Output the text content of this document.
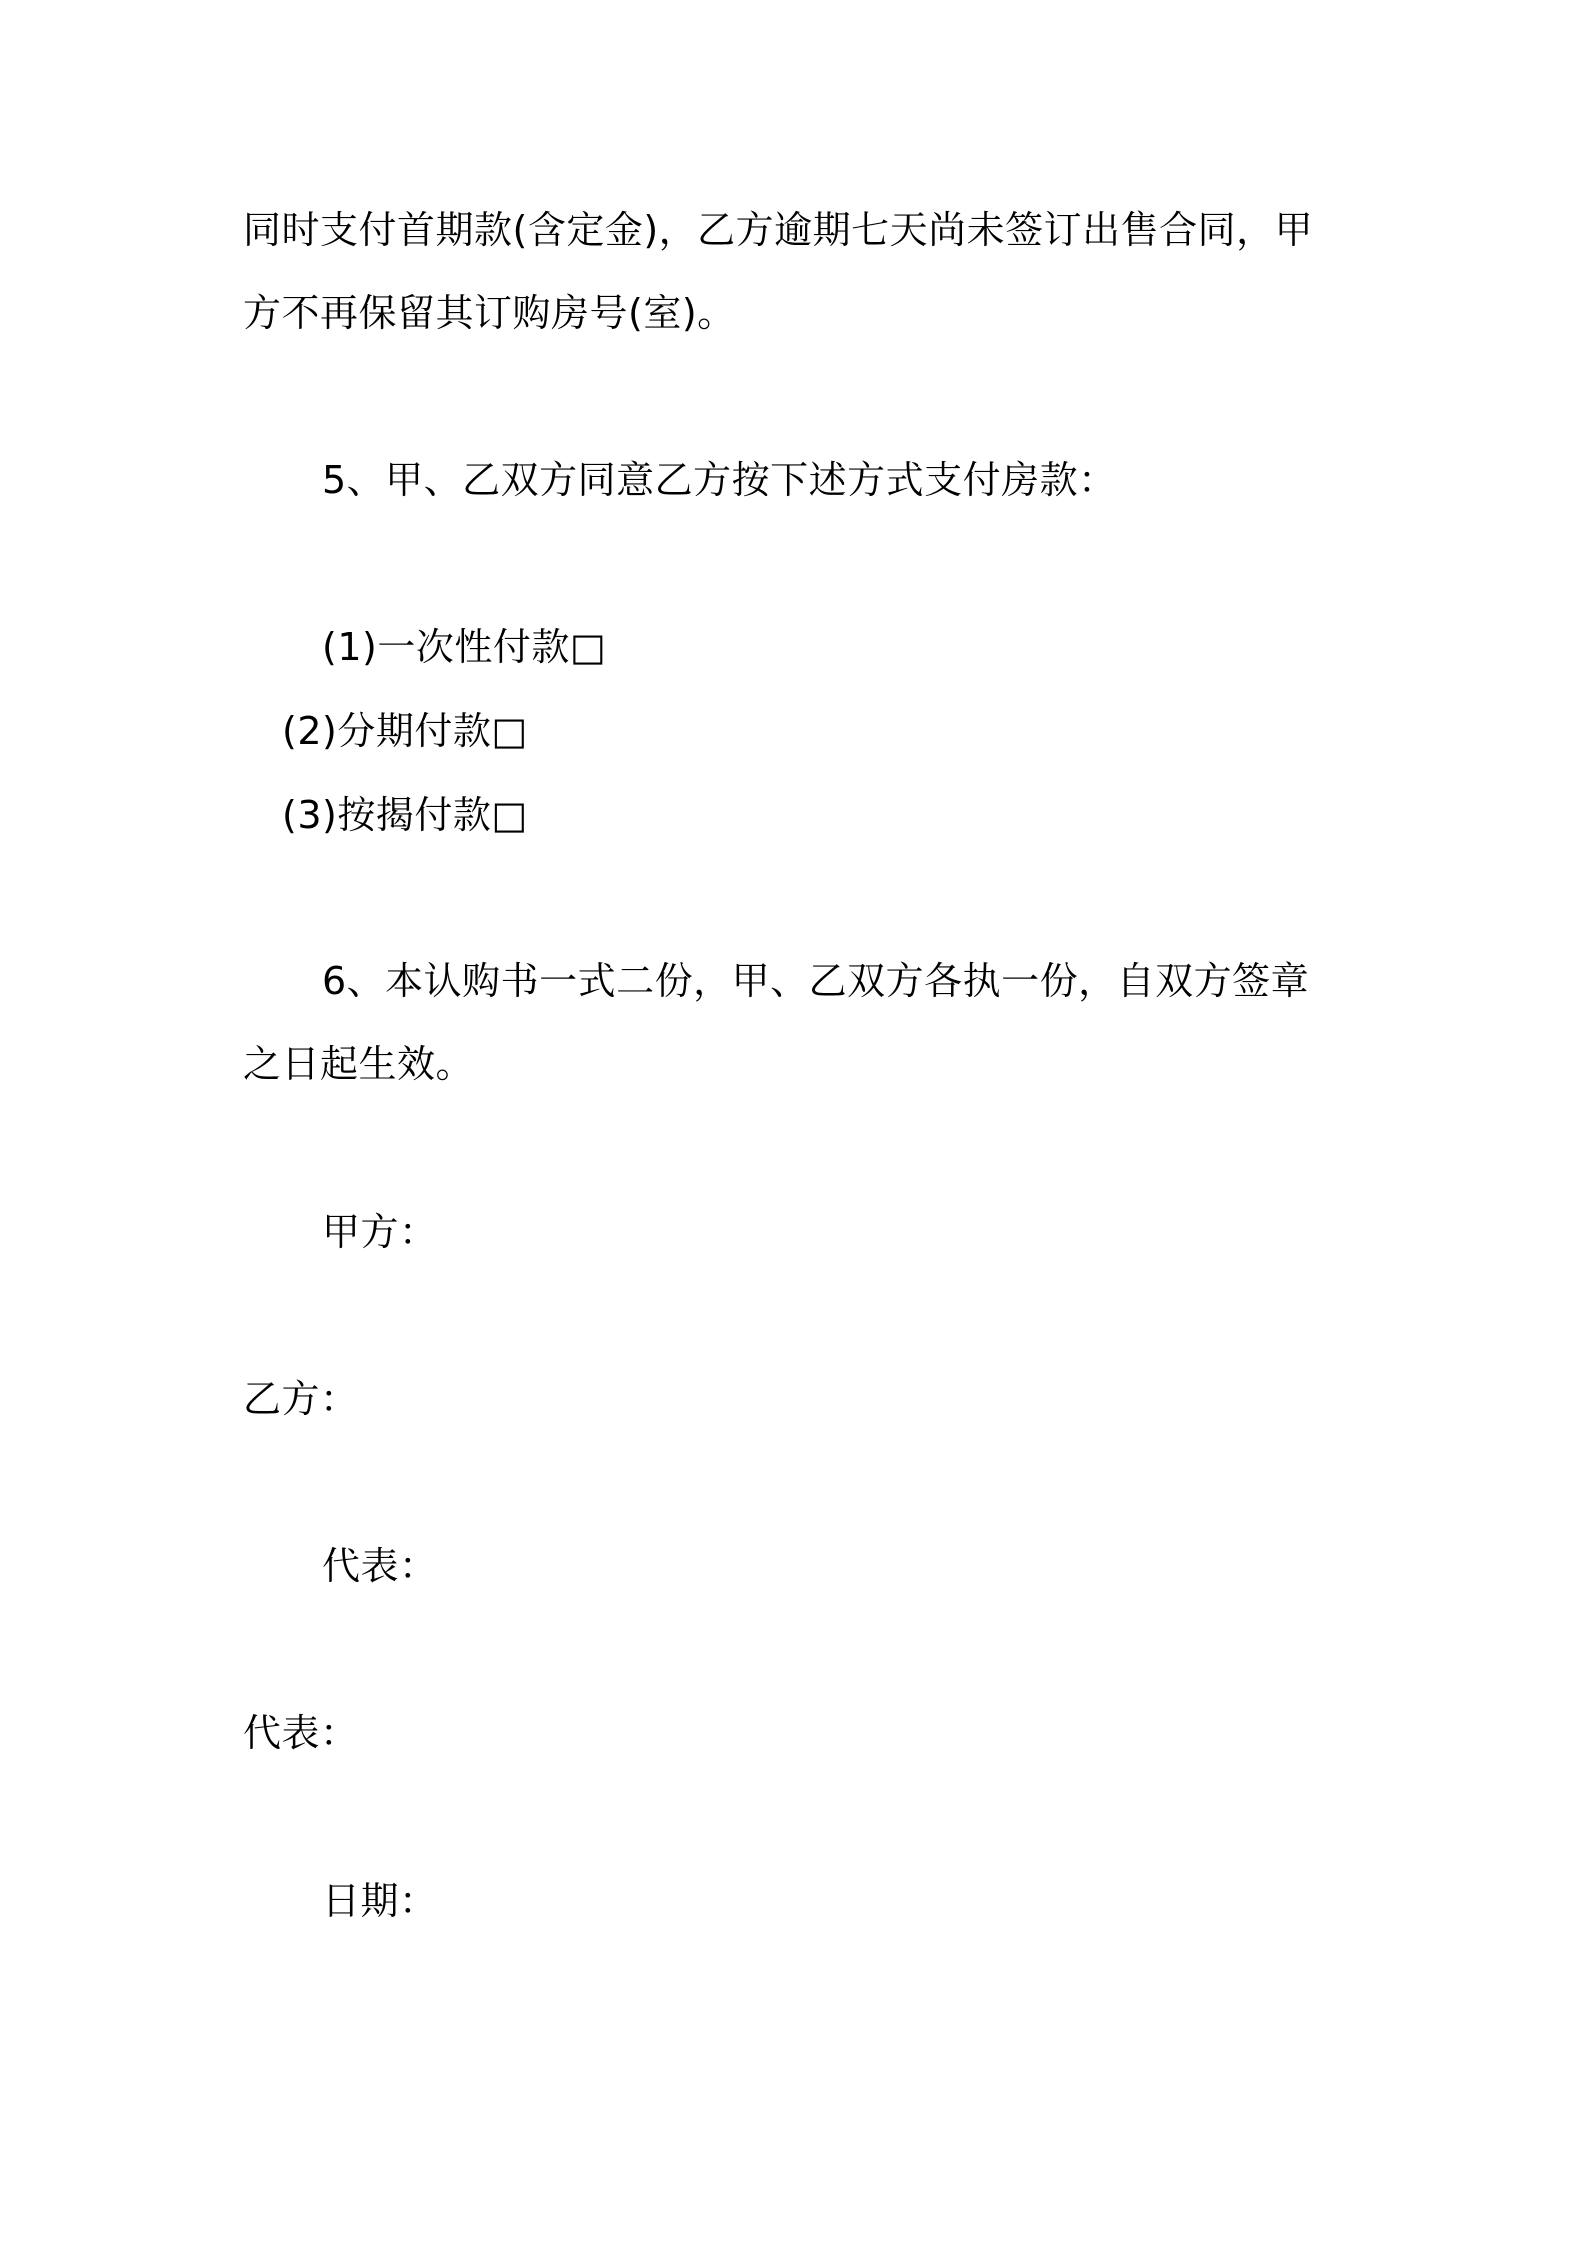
同时支付首期款(含定金)，乙方逾期七天尚未签订出售合同，甲
方不再保留其订购房号(室)。
5、甲、乙双方同意乙方按下述方式支付房款：
(1)一次性付款□
(2)分期付款□
(3)按揭付款□
6、本认购书一式二份，甲、乙双方各执一份，自双方签章
之日起生效。
甲方：
乙方：
代表：
代表：
日期：
